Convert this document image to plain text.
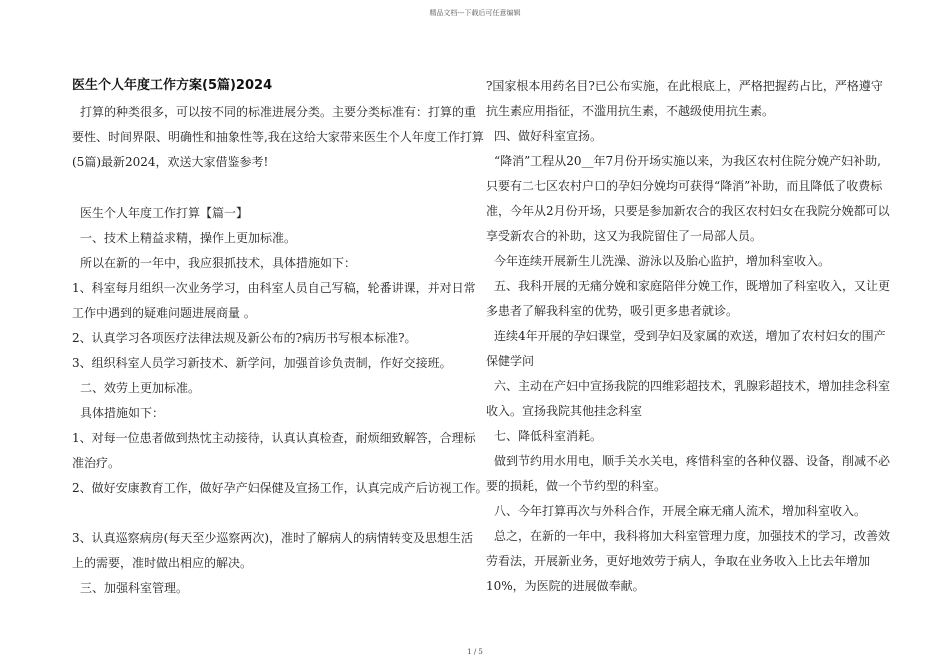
精品文档---下载后可任意编辑
医生个人年度工作方案(5篇)2024
打算的种类很多，可以按不同的标准进展分类。主要分类标准有：打算的重
要性、时间界限、明确性和抽象性等,我在这给大家带来医生个人年度工作打算
(5篇)最新2024，欢送大家借鉴参考!
医生个人年度工作打算【篇一】
一、技术上精益求精，操作上更加标准。
所以在新的一年中，我应狠抓技术，具体措施如下：
1、科室每月组织一次业务学习，由科室人员自己写稿，轮番讲课，并对日常
工作中遇到的疑难问题进展商量 。
2、认真学习各项医疗法律法规及新公布的?病历书写根本标准?。
3、组织科室人员学习新技术、新学问，加强首诊负责制，作好交接班。
二、效劳上更加标准。
具体措施如下：
1、对每一位患者做到热忱主动接待，认真认真检查，耐烦细致解答，合理标
准治疗。
2、做好安康教育工作，做好孕产妇保健及宣扬工作，认真完成产后访视工作。
3、认真巡察病房(每天至少巡察两次)，准时了解病人的病情转变及思想生活
上的需要，准时做出相应的解决。
三、加强科室管理。
?国家根本用药名目?已公布实施，在此根底上，严格把握药占比，严格遵守
抗生素应用指征，不滥用抗生素，不越级使用抗生素。
四、做好科室宣扬。
“降消”工程从20__年7月份开场实施以来，为我区农村住院分娩产妇补助,
只要有二七区农村户口的孕妇分娩均可获得“降消”补助，而且降低了收费标
准，今年从2月份开场，只要是参加新农合的我区农村妇女在我院分娩都可以
享受新农合的补助，这又为我院留住了一局部人员。
今年连续开展新生儿洗澡、游泳以及胎心监护，增加科室收入。
五、我科开展的无痛分娩和家庭陪伴分娩工作，既增加了科室收入，又让更
多患者了解我科室的优势，吸引更多患者就诊。
连续4年开展的孕妇课堂，受到孕妇及家属的欢送，增加了农村妇女的围产
保健学问
六、主动在产妇中宣扬我院的四维彩超技术，乳腺彩超技术，增加挂念科室
收入。宣扬我院其他挂念科室
七、降低科室消耗。
做到节约用水用电，顺手关水关电，疼惜科室的各种仪器、设备，削减不必
要的损耗，做一个节约型的科室。
八、今年打算再次与外科合作，开展全麻无痛人流术，增加科室收入。
总之，在新的一年中，我科将加大科室管理力度，加强技术的学习，改善效
劳看法，开展新业务，更好地效劳于病人，争取在业务收入上比去年增加
10%，为医院的进展做奉献。
1 / 5
